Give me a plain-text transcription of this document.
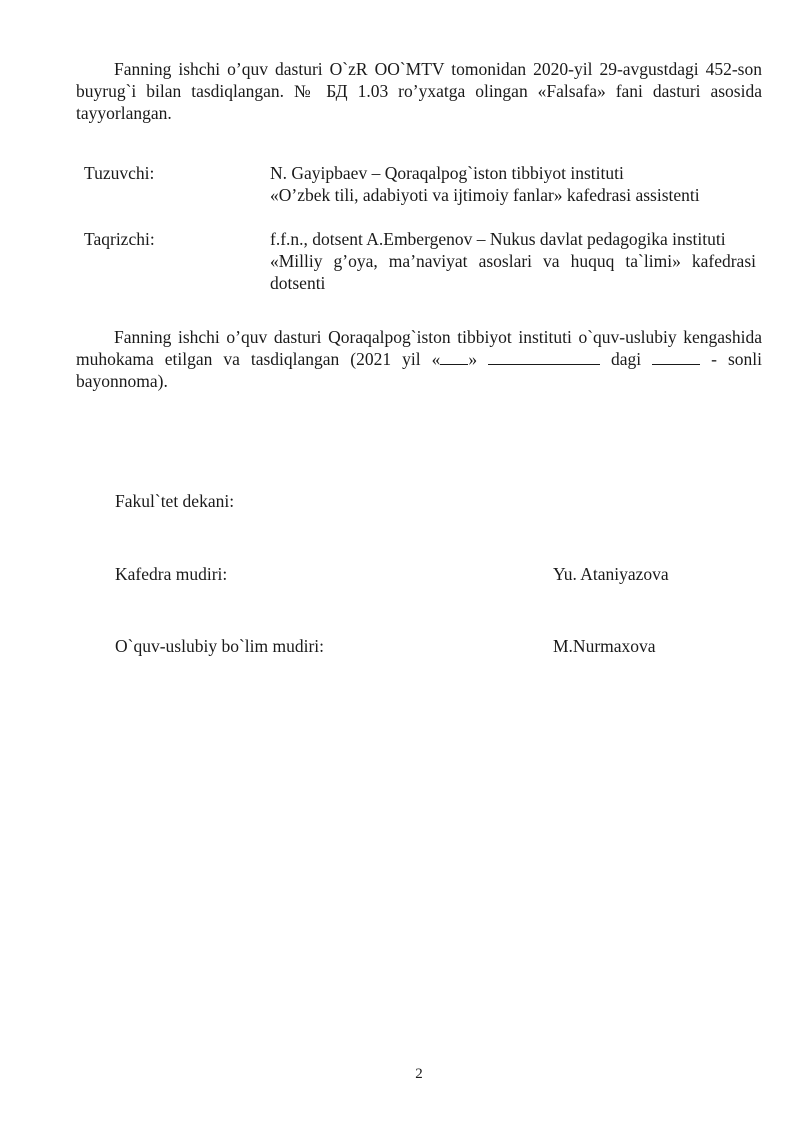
Fanning ishchi o’quv dasturi O`zR OO`MTV tomonidan 2020-yil 29-avgustdagi 452-son buyrug`i bilan tasdiqlangan. № БД 1.03 ro’yxatga olingan «Falsafa» fani dasturi asosida tayyorlangan.
Tuzuvchi:	N. Gayipbaev – Qoraqalpog`iston tibbiyot instituti
«O’zbek tili, adabiyoti va ijtimoiy fanlar» kafedrasi assistenti
Taqrizchi:	f.f.n., dotsent A.Embergenov – Nukus davlat pedagogika instituti
«Milliy g’oya, ma’naviyat asoslari va huquq ta`limi» kafedrasi
dotsenti
Fanning ishchi o’quv dasturi Qoraqalpog`iston tibbiyot instituti o`quv-uslubiy kengashida muhokama etilgan va tasdiqlangan (2021 yil « »	dagi	- sonli bayonnoma).
Fakul`tet dekani:
Kafedra mudiri:	Yu. Ataniyazova
O`quv-uslubiy bo`lim mudiri:	M.Nurmaxova
2
